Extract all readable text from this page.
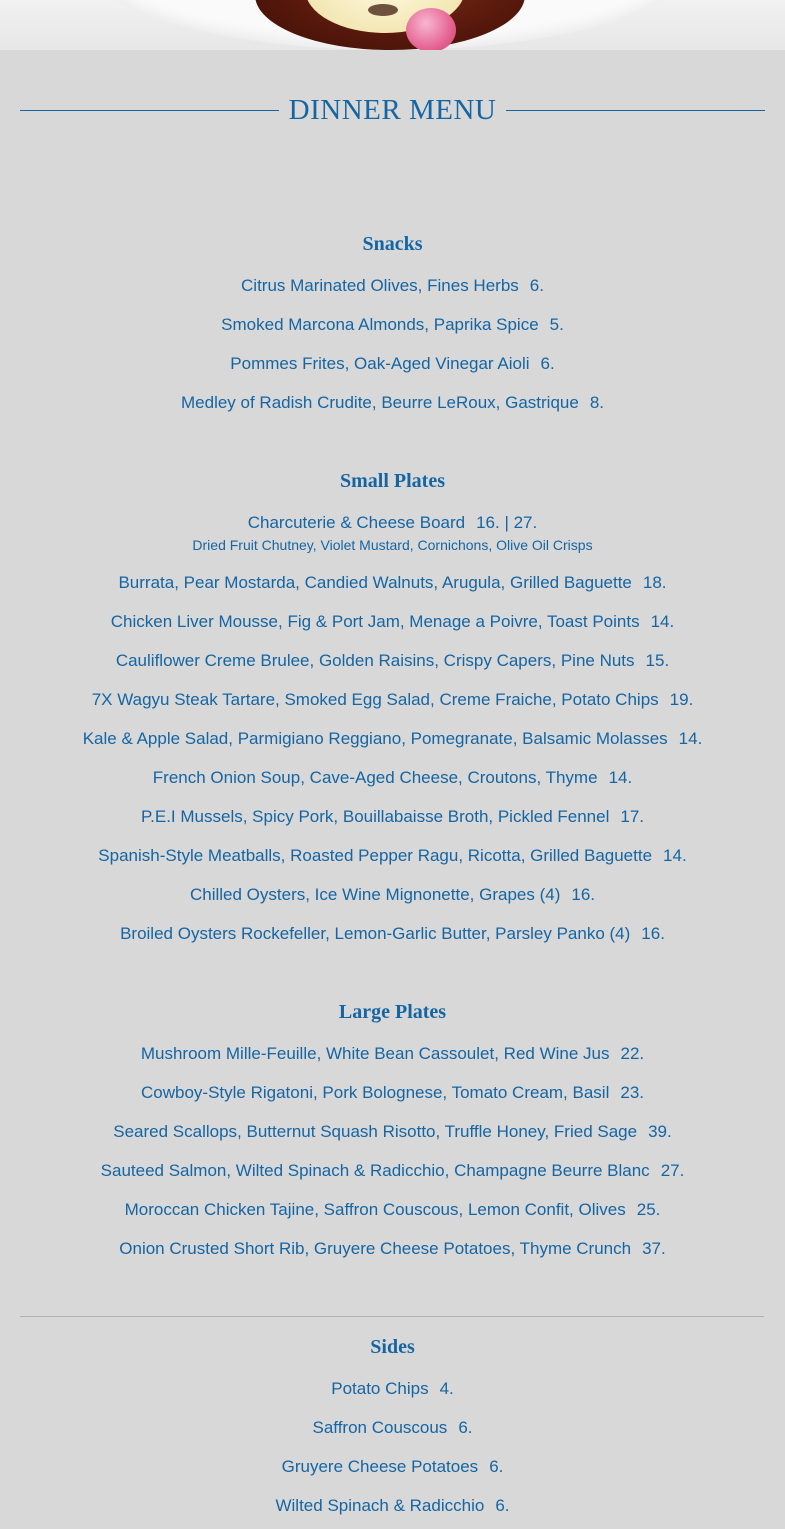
DINNER MENU
Snacks
Citrus Marinated Olives, Fines Herbs 6.
Smoked Marcona Almonds, Paprika Spice 5.
Pommes Frites, Oak-Aged Vinegar Aioli 6.
Medley of Radish Crudite, Beurre LeRoux, Gastrique 8.
Small Plates
Charcuterie & Cheese Board 16. | 27.
Dried Fruit Chutney, Violet Mustard, Cornichons, Olive Oil Crisps
Burrata, Pear Mostarda, Candied Walnuts, Arugula, Grilled Baguette 18.
Chicken Liver Mousse, Fig & Port Jam, Menage a Poivre, Toast Points 14.
Cauliflower Creme Brulee, Golden Raisins, Crispy Capers, Pine Nuts 15.
7X Wagyu Steak Tartare, Smoked Egg Salad, Creme Fraiche, Potato Chips 19.
Kale & Apple Salad, Parmigiano Reggiano, Pomegranate, Balsamic Molasses 14.
French Onion Soup, Cave-Aged Cheese, Croutons, Thyme 14.
P.E.I Mussels, Spicy Pork, Bouillabaisse Broth, Pickled Fennel 17.
Spanish-Style Meatballs, Roasted Pepper Ragu, Ricotta, Grilled Baguette 14.
Chilled Oysters, Ice Wine Mignonette, Grapes (4) 16.
Broiled Oysters Rockefeller, Lemon-Garlic Butter, Parsley Panko (4) 16.
Large Plates
Mushroom Mille-Feuille, White Bean Cassoulet, Red Wine Jus 22.
Cowboy-Style Rigatoni, Pork Bolognese, Tomato Cream, Basil 23.
Seared Scallops, Butternut Squash Risotto, Truffle Honey, Fried Sage 39.
Sauteed Salmon, Wilted Spinach & Radicchio, Champagne Beurre Blanc 27.
Moroccan Chicken Tajine, Saffron Couscous, Lemon Confit, Olives 25.
Onion Crusted Short Rib, Gruyere Cheese Potatoes, Thyme Crunch 37.
Sides
Potato Chips 4.
Saffron Couscous 6.
Gruyere Cheese Potatoes 6.
Wilted Spinach & Radicchio 6.
